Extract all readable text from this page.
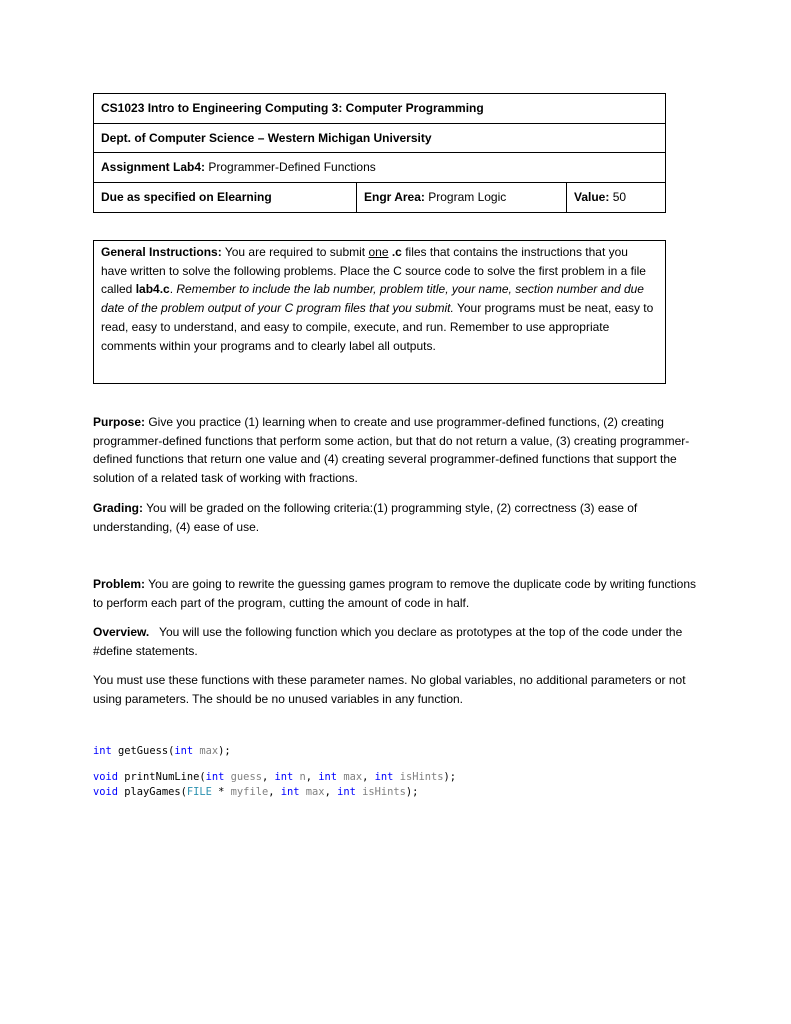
CS1023 Intro to Engineering Computing 3: Computer Programming
Dept. of Computer Science – Western Michigan University
Assignment Lab4: Programmer-Defined Functions
Due as specified on Elearning	Engr Area: Program Logic	Value: 50
General Instructions: You are required to submit one .c files that contains the instructions that you have written to solve the following problems. Place the C source code to solve the first problem in a file called lab4.c. Remember to include the lab number, problem title, your name, section number and due date of the problem output of your C program files that you submit. Your programs must be neat, easy to read, easy to understand, and easy to compile, execute, and run. Remember to use appropriate comments within your programs and to clearly label all outputs.
Purpose: Give you practice (1) learning when to create and use programmer-defined functions, (2) creating programmer-defined functions that perform some action, but that do not return a value, (3) creating programmer-defined functions that return one value and (4) creating several programmer-defined functions that support the solution of a related task of working with fractions.
Grading: You will be graded on the following criteria:(1) programming style, (2) correctness (3) ease of understanding, (4) ease of use.
Problem: You are going to rewrite the guessing games program to remove the duplicate code by writing functions to perform each part of the program, cutting the amount of code in half.
Overview.   You will use the following function which you declare as prototypes at the top of the code under the #define statements.
You must use these functions with these parameter names. No global variables, no additional parameters or not using parameters. The should be no unused variables in any function.
int getGuess(int max);
void printNumLine(int guess, int n, int max, int isHints);
void playGames(FILE * myfile, int max, int isHints);
